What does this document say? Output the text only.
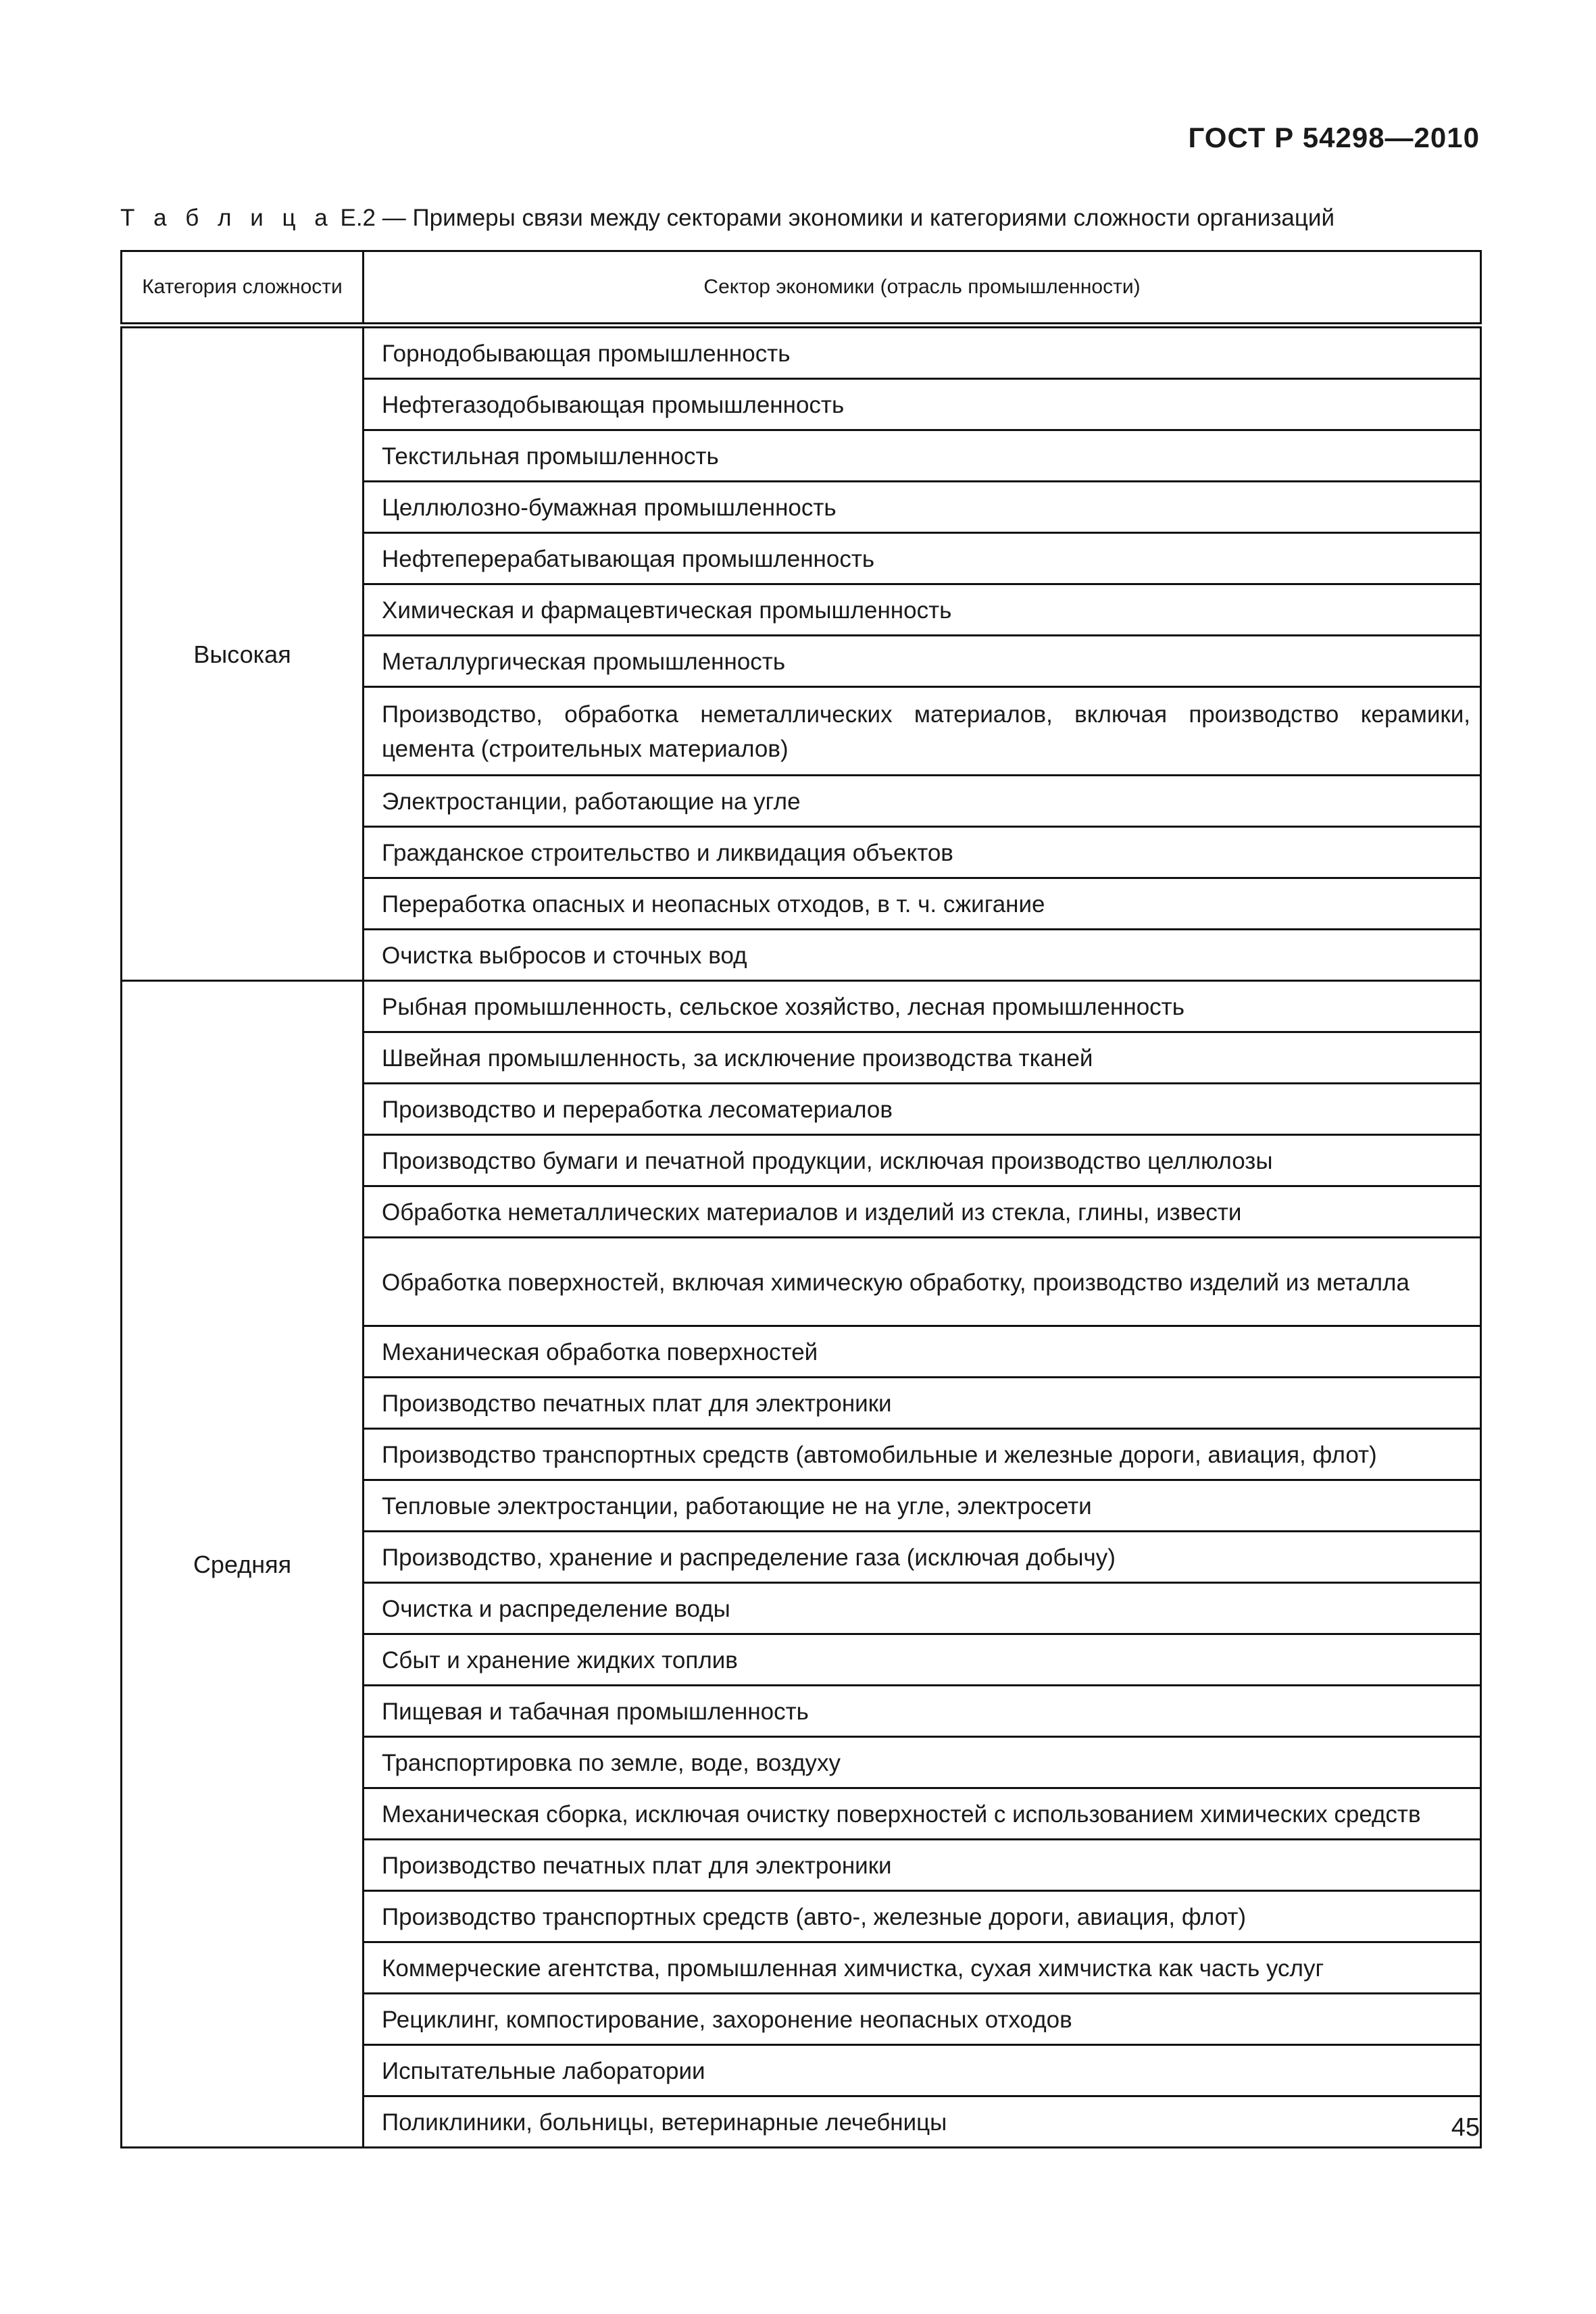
ГОСТ Р 54298—2010
Т а б л и ц а Е.2 — Примеры связи между секторами экономики и категориями сложности организаций
Категория сложности	Сектор экономики (отрасль промышленности)
Высокая	Горнодобывающая промышленность
	Нефтегазодобывающая промышленность
	Текстильная промышленность
	Целлюлозно-бумажная промышленность
	Нефтеперерабатывающая промышленность
	Химическая и фармацевтическая промышленность
	Металлургическая промышленность
	Производство, обработка неметаллических материалов, включая производство керамики, цемента (строительных материалов)
	Электростанции, работающие на угле
	Гражданское строительство и ликвидация объектов
	Переработка опасных и неопасных отходов, в т. ч. сжигание
	Очистка выбросов и сточных вод
Средняя	Рыбная промышленность, сельское хозяйство, лесная промышленность
	Швейная промышленность, за исключение производства тканей
	Производство и переработка лесоматериалов
	Производство бумаги и печатной продукции, исключая производство целлюлозы
	Обработка неметаллических материалов и изделий из стекла, глины, извести
	Обработка поверхностей, включая химическую обработку, производство изделий из металла
	Механическая обработка поверхностей
	Производство печатных плат для электроники
	Производство транспортных средств (автомобильные и железные дороги, авиация, флот)
	Тепловые электростанции, работающие не на угле, электросети
	Производство, хранение и распределение газа (исключая добычу)
	Очистка и распределение воды
	Сбыт и хранение жидких топлив
	Пищевая и табачная промышленность
	Транспортировка по земле, воде, воздуху
	Механическая сборка, исключая очистку поверхностей с использованием химических средств
	Производство печатных плат для электроники
	Производство транспортных средств (авто-, железные дороги, авиация, флот)
	Коммерческие агентства, промышленная химчистка, сухая химчистка как часть услуг
	Рециклинг, компостирование, захоронение неопасных отходов
	Испытательные лаборатории
	Поликлиники, больницы, ветеринарные лечебницы	45
